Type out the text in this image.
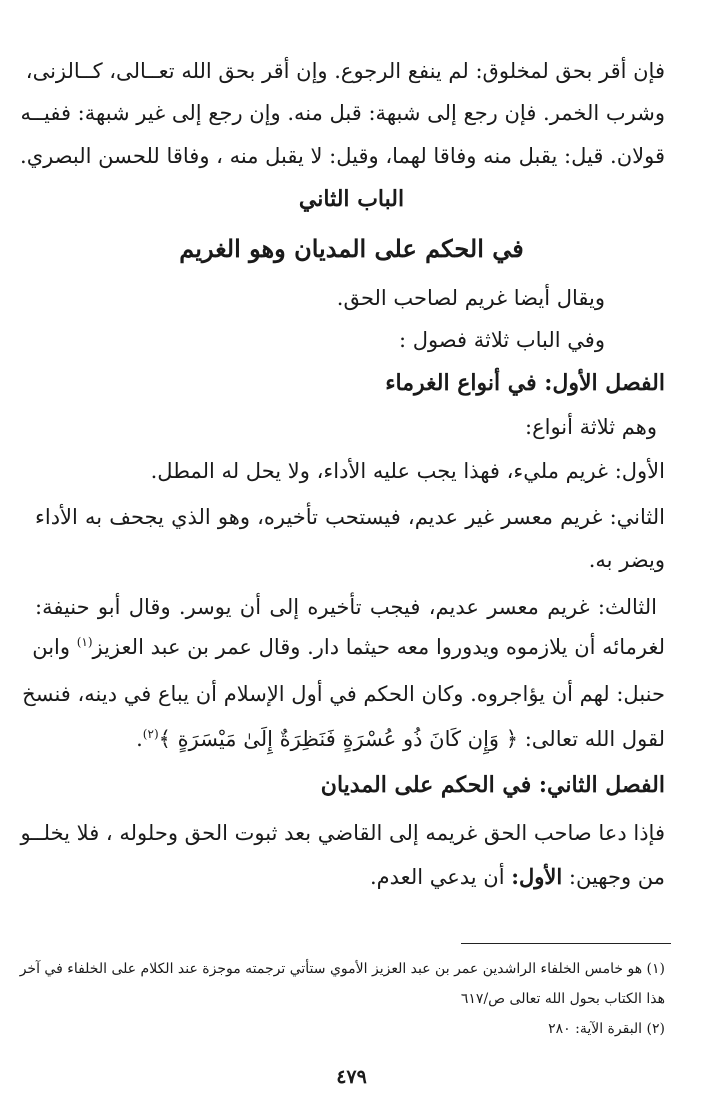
فإن أقر بحق لمخلوق: لم ينفع الرجوع. وإن أقر بحق الله تعــالى، كــالزنى،
وشرب الخمر. فإن رجع إلى شبهة: قبل منه. وإن رجع إلى غير شبهة: ففيــه
قولان. قيل: يقبل منه وفاقا لهما، وقيل: لا يقبل منه ، وفاقا للحسن البصري.
الباب الثاني
في الحكم على المديان وهو الغريم
ويقال أيضا غريم لصاحب الحق.
وفي الباب ثلاثة فصول :
الفصل الأول: في أنواع الغرماء
وهم ثلاثة أنواع:
الأول: غريم مليء، فهذا يجب عليه الأداء، ولا يحل له المطل.
الثاني: غريم معسر غير عديم، فيستحب تأخيره، وهو الذي يجحف به الأداء
ويضر به.
الثالث: غريم معسر عديم، فيجب تأخيره إلى أن يوسر. وقال أبو حنيفة:
لغرمائه أن يلازموه ويدوروا معه حيثما دار. وقال عمر بن عبد العزيز$^{(١)}$ وابن
حنبل: لهم أن يؤاجروه. وكان الحكم في أول الإسلام أن يباع في دينه، فنسخ
لقول الله تعالى: ﴿ وَإِن كَانَ ذُو عُسْرَةٍ فَنَظِرَةٌ إِلَىٰ مَيْسَرَةٍ ﴾$^{(٢)}$.
الفصل الثاني: في الحكم على المديان
فإذا دعا صاحب الحق غريمه إلى القاضي بعد ثبوت الحق وحلوله ، فلا يخلــو
من وجهين: الأول: أن يدعي العدم.
(١) هو خامس الخلفاء الراشدين عمر بن عبد العزيز الأموي ستأتي ترجمته موجزة عند الكلام على الخلفاء في آخر
هذا الكتاب بحول الله تعالى ص/٦١٧
(٢) البقرة الآية: ٢٨٠
٤٧٩
